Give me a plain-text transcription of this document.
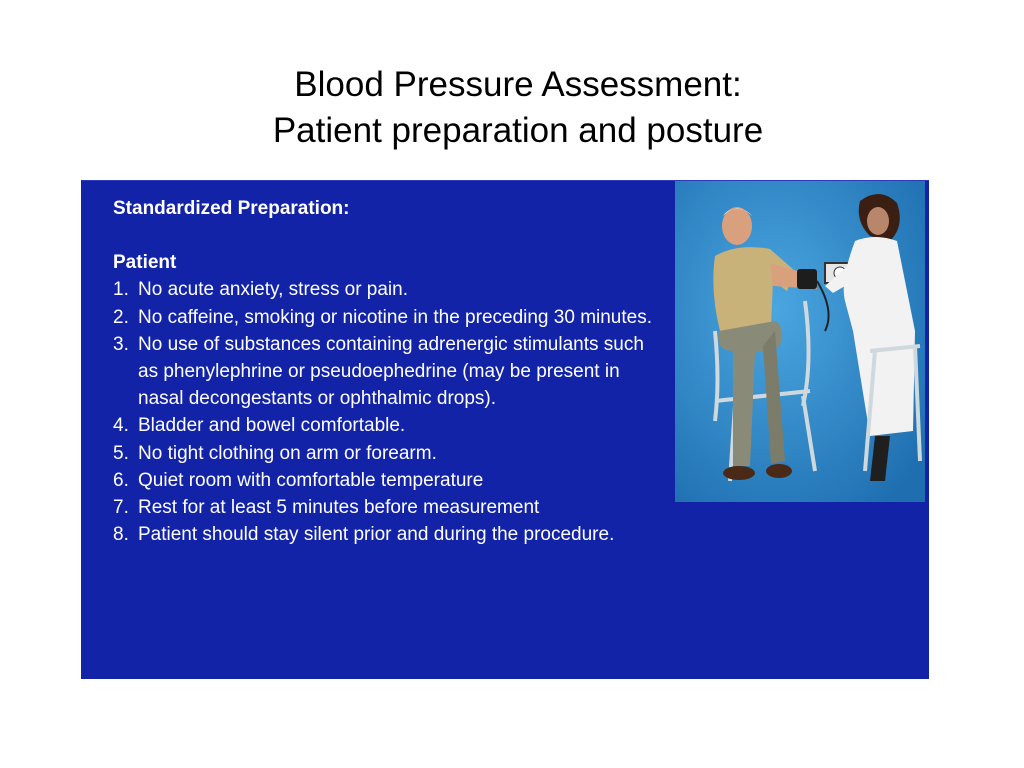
Blood Pressure Assessment:
Patient preparation and posture
Standardized Preparation:
Patient
1. No acute anxiety, stress or pain.
2. No caffeine, smoking or nicotine in the preceding 30 minutes.
3. No use of substances containing adrenergic stimulants such as phenylephrine or pseudoephedrine (may be present in nasal decongestants or ophthalmic drops).
4. Bladder and bowel comfortable.
5. No tight clothing on arm or forearm.
6. Quiet room with comfortable temperature
7. Rest for at least 5 minutes before measurement
8. Patient should stay silent prior and during the procedure.
